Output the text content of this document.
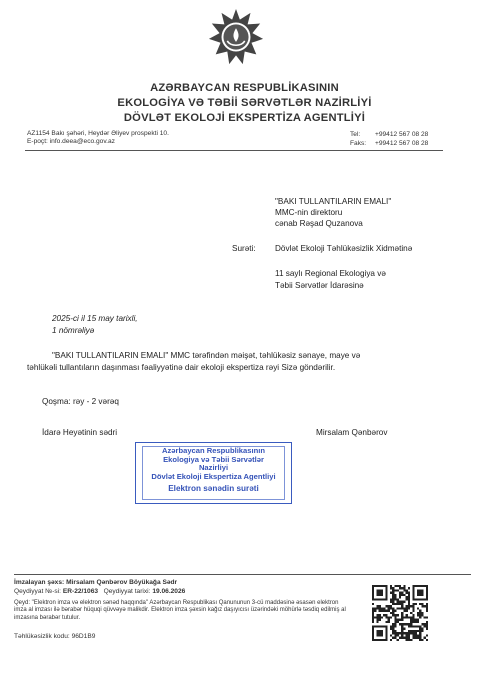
AZƏRBAYCAN RESPUBLİKASININ
EKOLOGİYA VƏ TƏBİİ SƏRVƏTLƏR NAZİRLİYİ
DÖVLƏT EKOLOJİ EKSPERTİZA AGENTLİYİ
AZ1154 Bakı şəhəri, Heydər Əliyev prospekti 10.
E-poçt: info.deea@eco.gov.az
Tel: +99412 567 08 28
Faks: +99412 567 08 28
"BAKI TULLANTILARIN EMALI"
MMC-nin direktoru
cənab Rəşad Quzanova
Surəti: Dövlət Ekoloji Təhlükəsizlik Xidmətinə
11 saylı Regional Ekologiya və
Təbii Sərvətlər İdarəsinə
2025-ci il 15 may tarixli,
1 nömrəliyə
"BAKI TULLANTILARIN EMALI" MMC tərəfindən məişət, təhlükəsiz sənaye, maye və
təhlükəli tullantıların daşınması fəaliyyətinə dair ekoloji ekspertiza rəyi Sizə göndərilir.
Qoşma: rəy - 2 vərəq
İdarə Heyətinin sədri	Mirsalam Qənbərov
Azərbaycan Respublikasının
Ekologiya və Təbii Sərvətlər
Nazirliyi
Dövlət Ekoloji Ekspertiza Agentliyi
Elektron sənədin surəti
İmzalayan şəxs: Mirsalam Qənbərov Böyükağa Sədr
Qeydiyyat №-si: ER-22/1063 Qeydiyyat tarixi: 19.06.2026
Qeyd: "Elektron imza və elektron sənəd haqqında" Azərbaycan Respublikası Qanununun 3-cü maddəsinə əsasən elektron
imza al imzası ilə bərabər hüquqi qüvvəyə malikdir. Elektron imza şəxsin kağız daşıyıcısı üzərindəki möhürlə təsdiq edilmiş al
imzasına bərabər tutulur.
Təhlükəsizlik kodu: 96D1B9
